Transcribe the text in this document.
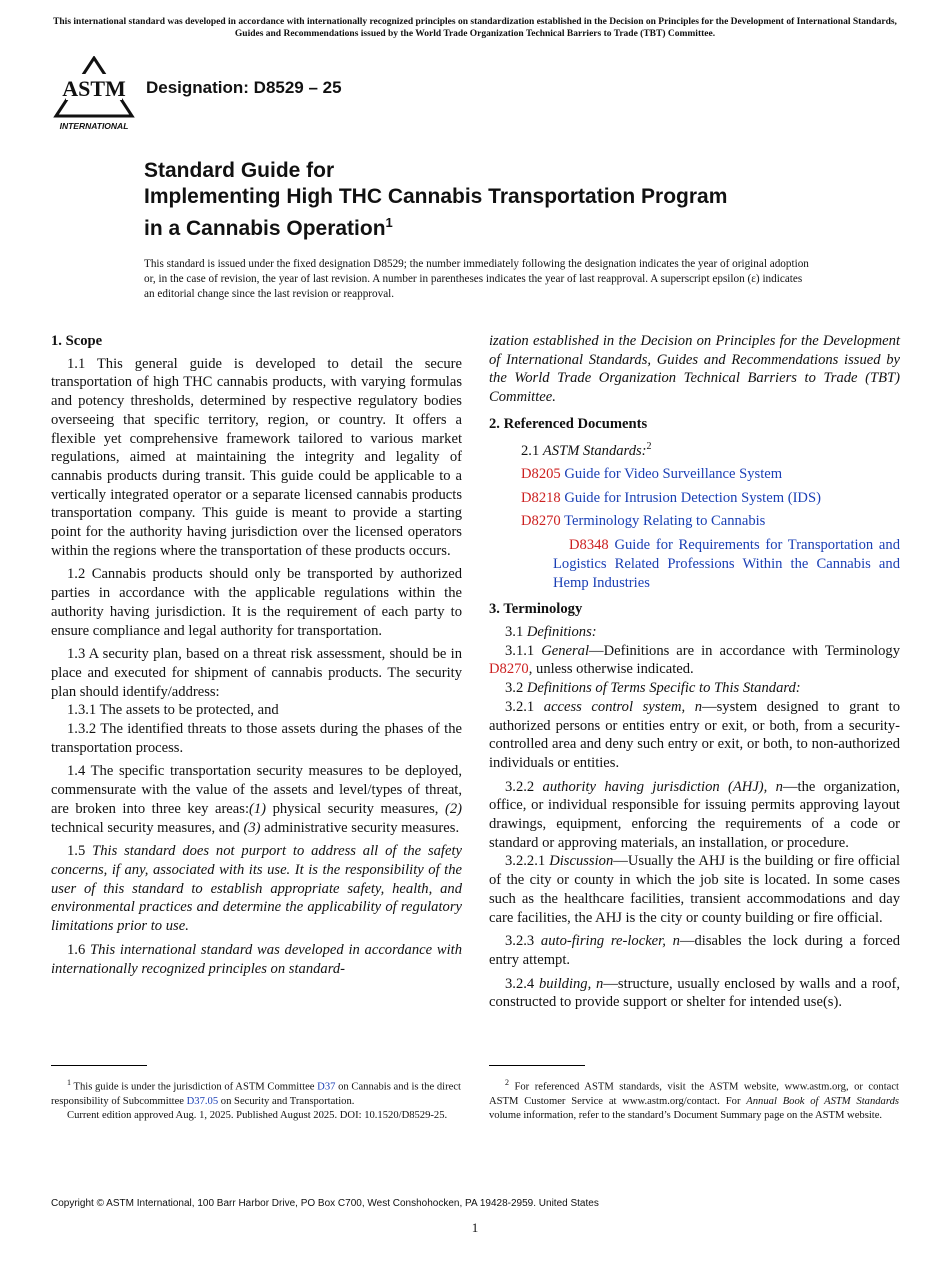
This international standard was developed in accordance with internationally recognized principles on standardization established in the Decision on Principles for the Development of International Standards, Guides and Recommendations issued by the World Trade Organization Technical Barriers to Trade (TBT) Committee.
ASTM
INTERNATIONAL
Designation: D8529 – 25
Standard Guide for
Implementing High THC Cannabis Transportation Program
in a Cannabis Operation$^1$
This standard is issued under the fixed designation D8529; the number immediately following the designation indicates the year of original adoption or, in the case of revision, the year of last revision. A number in parentheses indicates the year of last reapproval. A superscript epsilon (ε) indicates an editorial change since the last revision or reapproval.
1. Scope

1.1 This general guide is developed to detail the secure transportation of high THC cannabis products, with varying formulas and potency thresholds, determined by respective regulatory bodies overseeing that specific territory, region, or country. It offers a flexible yet comprehensive framework tailored to various market regulations, aimed at maintaining the integrity and legality of cannabis products during transit. This guide could be applicable to a vertically integrated operator or a separate licensed cannabis products transportation company. This guide is meant to provide a starting point for the authority having jurisdiction over the licensed operators within the regions where the transportation of these products occurs.

1.2 Cannabis products should only be transported by authorized parties in accordance with the applicable regulations within the authority having jurisdiction. It is the requirement of each party to ensure compliance and legal authority for transportation.

1.3 A security plan, based on a threat risk assessment, should be in place and executed for shipment of cannabis products. The security plan should identify/address:

1.3.1 The assets to be protected, and

1.3.2 The identified threats to those assets during the phases of the transportation process.

1.4 The specific transportation security measures to be deployed, commensurate with the value of the assets and level/types of threat, are broken into three key areas:(1) physical security measures, (2) technical security measures, and (3) administrative security measures.

1.5 This standard does not purport to address all of the safety concerns, if any, associated with its use. It is the responsibility of the user of this standard to establish appropriate safety, health, and environmental practices and determine the applicability of regulatory limitations prior to use.

1.6 This international standard was developed in accordance with internationally recognized principles on standard-

ization established in the Decision on Principles for the Development of International Standards, Guides and Recommendations issued by the World Trade Organization Technical Barriers to Trade (TBT) Committee.

2. Referenced Documents

2.1 ASTM Standards:$^2$

D8205 Guide for Video Surveillance System

D8218 Guide for Intrusion Detection System (IDS)

D8270 Terminology Relating to Cannabis

D8348 Guide for Requirements for Transportation and Logistics Related Professions Within the Cannabis and Hemp Industries

3. Terminology

3.1 Definitions:

3.1.1 General—Definitions are in accordance with Terminology D8270, unless otherwise indicated.

3.2 Definitions of Terms Specific to This Standard:

3.2.1 access control system, n—system designed to grant to authorized persons or entities entry or exit, or both, from a security-controlled area and deny such entry or exit, or both, to non-authorized individuals or entities.

3.2.2 authority having jurisdiction (AHJ), n—the organization, office, or individual responsible for issuing permits approving layout drawings, equipment, enforcing the requirements of a code or standard or approving materials, an installation, or procedure.

3.2.2.1 Discussion—Usually the AHJ is the building or fire official of the city or county in which the job site is located. In some cases such as the healthcare facilities, transient accommodations and day care facilities, the AHJ is the city or county building or fire official.

3.2.3 auto-firing re-locker, n—disables the lock during a forced entry attempt.

3.2.4 building, n—structure, usually enclosed by walls and a roof, constructed to provide support or shelter for intended use(s).

$^1$ This guide is under the jurisdiction of ASTM Committee D37 on Cannabis and is the direct responsibility of Subcommittee D37.05 on Security and Transportation.

Current edition approved Aug. 1, 2025. Published August 2025. DOI: 10.1520/D8529-25.

$^2$ For referenced ASTM standards, visit the ASTM website, www.astm.org, or contact ASTM Customer Service at www.astm.org/contact. For Annual Book of ASTM Standards volume information, refer to the standard’s Document Summary page on the ASTM website.

Copyright © ASTM International, 100 Barr Harbor Drive, PO Box C700, West Conshohocken, PA 19428-2959. United States
1
